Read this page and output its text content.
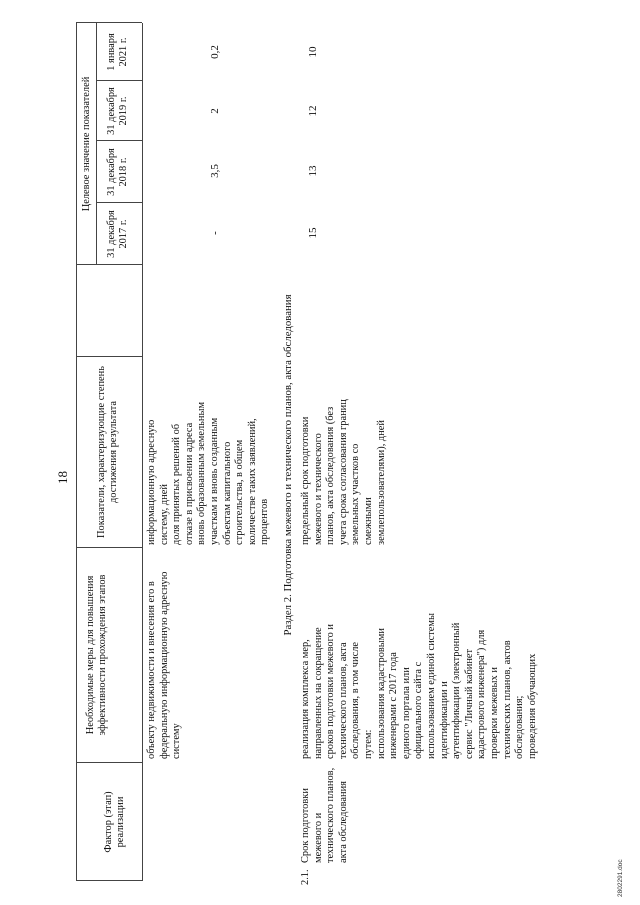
18
Фактор (этап) реализации
Необходимые меры для повышения эффективности прохождения этапов
Показатели, характеризующие степень достижения результата
Целевое значение показателей
31 декабря 2017 г.
31 декабря 2018 г.
31 декабря 2019 г.
1 января 2021 г.
объекту недвижимости и внесения его в федеральную информационную адресную систему
информационную адресную систему, дней доля принятых решений об отказе в присвоении адреса вновь образованным земельным участкам и вновь созданным объектам капитального строительства, в общем количестве таких заявлений, процентов
-
3,5
2
0,2
Раздел 2. Подготовка межевого и технического планов, акта обследования
2.1.
Срок подготовки межевого и технического планов, акта обследования
реализация комплекса мер, направленных на сокращение сроков подготовки межевого и технического планов, акта обследования, в том числе путем: использования кадастровыми инженерами с 2017 года единого портала или официального сайта с использованием единой системы идентификации и аутентификации (электронный сервис "Личный кабинет кадастрового инженера") для проверки межевых и технических планов, актов обследования; проведения обучающих
предельный срок подготовки межевого и технического планов, акта обследования (без учета срока согласования границ земельных участков со смежными землепользователями), дней
15
13
12
10
2802291.doc
